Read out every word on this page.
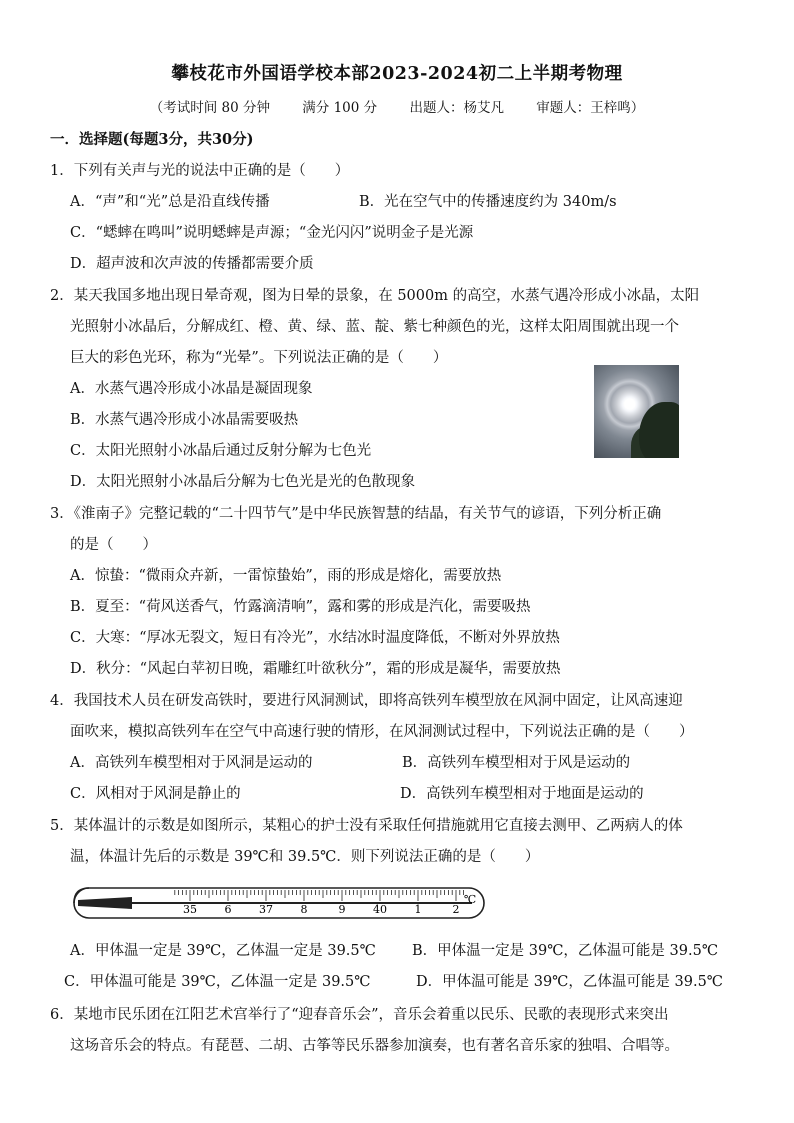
攀枝花市外国语学校本部2023-2024初二上半期考物理
（考试时间 80 分钟 满分 100 分 出题人：杨艾凡 审题人：王梓鸣）
一．选择题(每题3分，共30分)
1．下列有关声与光的说法中正确的是（　　）
A．“声”和“光”总是沿直线传播	B．光在空气中的传播速度约为 340m/s
C．“蟋蟀在鸣叫”说明蟋蟀是声源；“金光闪闪”说明金子是光源
D．超声波和次声波的传播都需要介质
2．某天我国多地出现日晕奇观，图为日晕的景象，在 5000m 的高空，水蒸气遇冷形成小冰晶，太阳
光照射小冰晶后，分解成红、橙、黄、绿、蓝、靛、紫七种颜色的光，这样太阳周围就出现一个
巨大的彩色光环，称为“光晕”。下列说法正确的是（　　）
A．水蒸气遇冷形成小冰晶是凝固现象
B．水蒸气遇冷形成小冰晶需要吸热
C．太阳光照射小冰晶后通过反射分解为七色光
D．太阳光照射小冰晶后分解为七色光是光的色散现象
3．《淮南子》完整记载的“二十四节气”是中华民族智慧的结晶，有关节气的谚语，下列分析正确
的是（　　）
A．惊蛰：“微雨众卉新，一雷惊蛰始”，雨的形成是熔化，需要放热
B．夏至：“荷风送香气，竹露滴清响”，露和雾的形成是汽化，需要吸热
C．大寒：“厚冰无裂文，短日有冷光”，水结冰时温度降低，不断对外界放热
D．秋分：“风起白苹初日晚，霜雕红叶欲秋分”，霜的形成是凝华，需要放热
4．我国技术人员在研发高铁时，要进行风洞测试，即将高铁列车模型放在风洞中固定，让风高速迎
面吹来，模拟高铁列车在空气中高速行驶的情形，在风洞测试过程中，下列说法正确的是（　　）
A．高铁列车模型相对于风洞是运动的	B．高铁列车模型相对于风是运动的
C．风相对于风洞是静止的	D．高铁列车模型相对于地面是运动的
5．某体温计的示数是如图所示，某粗心的护士没有采取任何措施就用它直接去测甲、乙两病人的体
温，体温计先后的示数是 39℃和 39.5℃．则下列说法正确的是（　　）
35	6	37	8	9	40	1	2
℃
A．甲体温一定是 39℃，乙体温一定是 39.5℃ B．甲体温一定是 39℃，乙体温可能是 39.5℃
C．甲体温可能是 39℃，乙体温一定是 39.5℃	D．甲体温可能是 39℃，乙体温可能是 39.5℃
6．某地市民乐团在江阳艺术宫举行了“迎春音乐会”，音乐会着重以民乐、民歌的表现形式来突出
这场音乐会的特点。有琵琶、二胡、古筝等民乐器参加演奏，也有著名音乐家的独唱、合唱等。
